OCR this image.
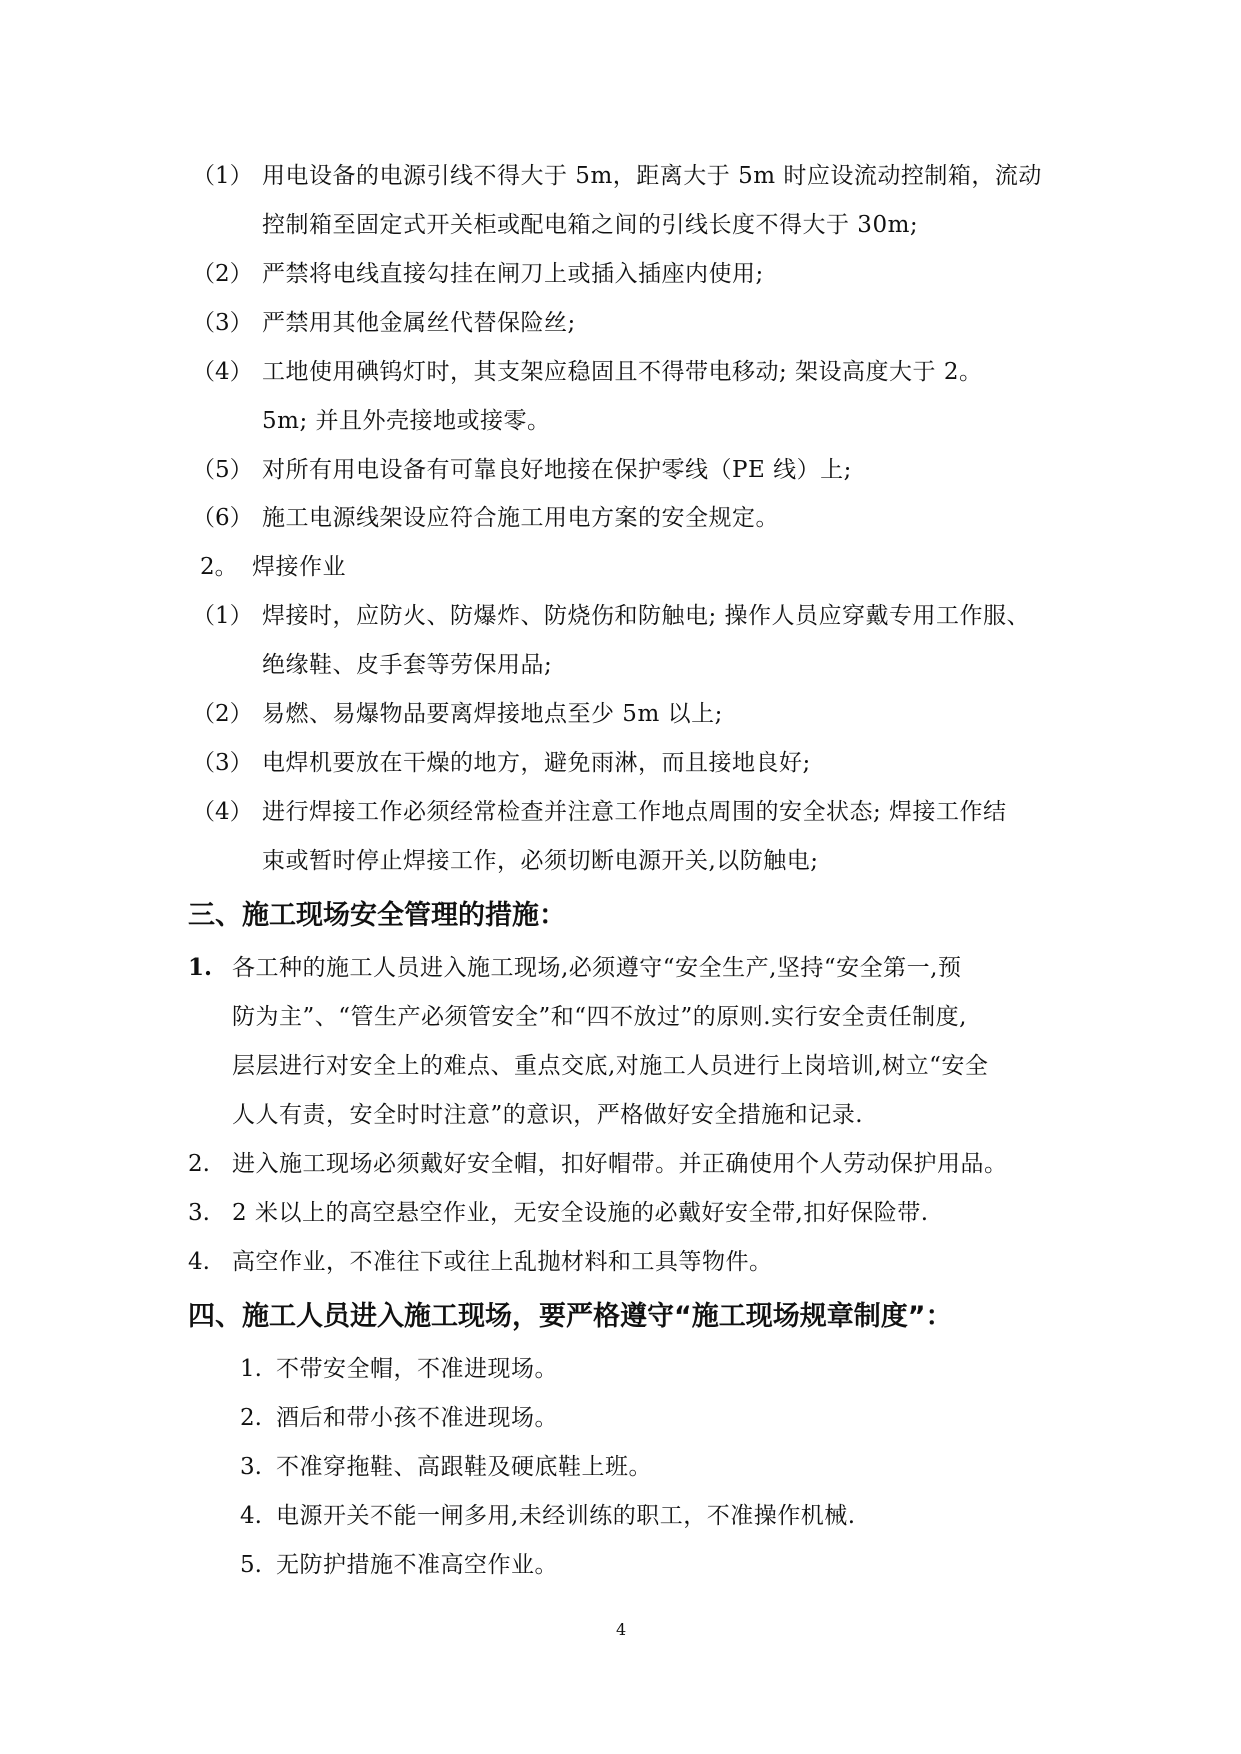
（1） 用电设备的电源引线不得大于 5m，距离大于 5m 时应设流动控制箱，流动
控制箱至固定式开关柜或配电箱之间的引线长度不得大于 30m;
（2） 严禁将电线直接勾挂在闸刀上或插入插座内使用;
（3） 严禁用其他金属丝代替保险丝;
（4） 工地使用碘钨灯时，其支架应稳固且不得带电移动; 架设高度大于 2。
5m; 并且外壳接地或接零。
（5） 对所有用电设备有可靠良好地接在保护零线（PE 线）上;
（6） 施工电源线架设应符合施工用电方案的安全规定。
2。 焊接作业
（1） 焊接时，应防火、防爆炸、防烧伤和防触电; 操作人员应穿戴专用工作服、
绝缘鞋、皮手套等劳保用品;
（2） 易燃、易爆物品要离焊接地点至少 5m 以上;
（3） 电焊机要放在干燥的地方，避免雨淋，而且接地良好;
（4） 进行焊接工作必须经常检查并注意工作地点周围的安全状态; 焊接工作结
束或暂时停止焊接工作，必须切断电源开关,以防触电;
三、施工现场安全管理的措施：
1. 各工种的施工人员进入施工现场,必须遵守“安全生产,坚持“安全第一,预
防为主”、“管生产必须管安全”和“四不放过”的原则.实行安全责任制度,
层层进行对安全上的难点、重点交底,对施工人员进行上岗培训,树立“安全
人人有责，安全时时注意”的意识，严格做好安全措施和记录.
2. 进入施工现场必须戴好安全帽，扣好帽带。并正确使用个人劳动保护用品。
3. 2 米以上的高空悬空作业，无安全设施的必戴好安全带,扣好保险带.
4. 高空作业，不准往下或往上乱抛材料和工具等物件。
四、施工人员进入施工现场，要严格遵守“施工现场规章制度”：
1. 不带安全帽，不准进现场。
2. 酒后和带小孩不准进现场。
3. 不准穿拖鞋、高跟鞋及硬底鞋上班。
4. 电源开关不能一闸多用,未经训练的职工，不准操作机械.
5. 无防护措施不准高空作业。
4
